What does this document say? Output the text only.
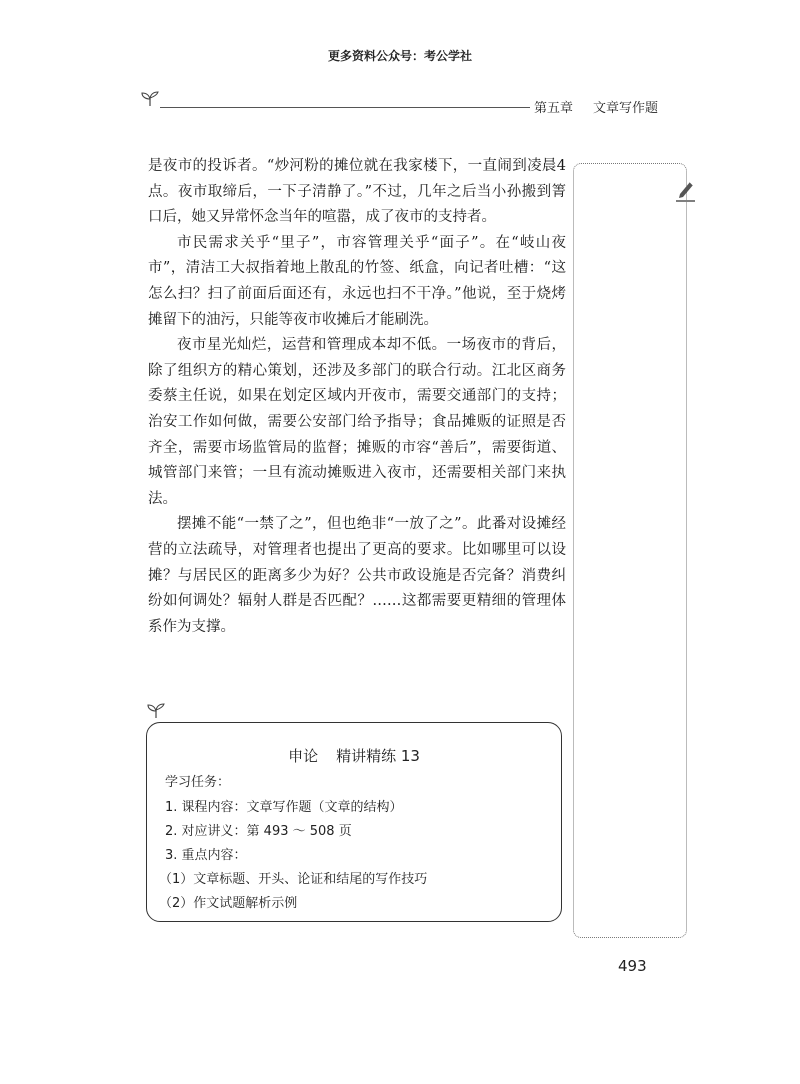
更多资料公众号：考公学社
第五章 文章写作题

是夜市的投诉者。“炒河粉的摊位就在我家楼下，一直闹到凌晨4点。夜市取缔后，一下子清静了。”不过，几年之后当小孙搬到箐口后，她又异常怀念当年的喧嚣，成了夜市的支持者。

市民需求关乎“里子”，市容管理关乎“面子”。在“岐山夜市”，清洁工大叔指着地上散乱的竹签、纸盒，向记者吐槽：“这怎么扫？扫了前面后面还有，永远也扫不干净。”他说，至于烧烤摊留下的油污，只能等夜市收摊后才能刷洗。

夜市星光灿烂，运营和管理成本却不低。一场夜市的背后，除了组织方的精心策划，还涉及多部门的联合行动。江北区商务委蔡主任说，如果在划定区域内开夜市，需要交通部门的支持；治安工作如何做，需要公安部门给予指导；食品摊贩的证照是否齐全，需要市场监管局的监督；摊贩的市容“善后”，需要街道、城管部门来管；一旦有流动摊贩进入夜市，还需要相关部门来执法。

摆摊不能“一禁了之”，但也绝非“一放了之”。此番对设摊经营的立法疏导，对管理者也提出了更高的要求。比如哪里可以设摊？与居民区的距离多少为好？公共市政设施是否完备？消费纠纷如何调处？辐射人群是否匹配？……这都需要更精细的管理体系作为支撑。

申论 精讲精练 13
学习任务：
1. 课程内容：文章写作题（文章的结构）
2. 对应讲义：第 493 ～ 508 页
3. 重点内容：
（1）文章标题、开头、论证和结尾的写作技巧
（2）作文试题解析示例
493
